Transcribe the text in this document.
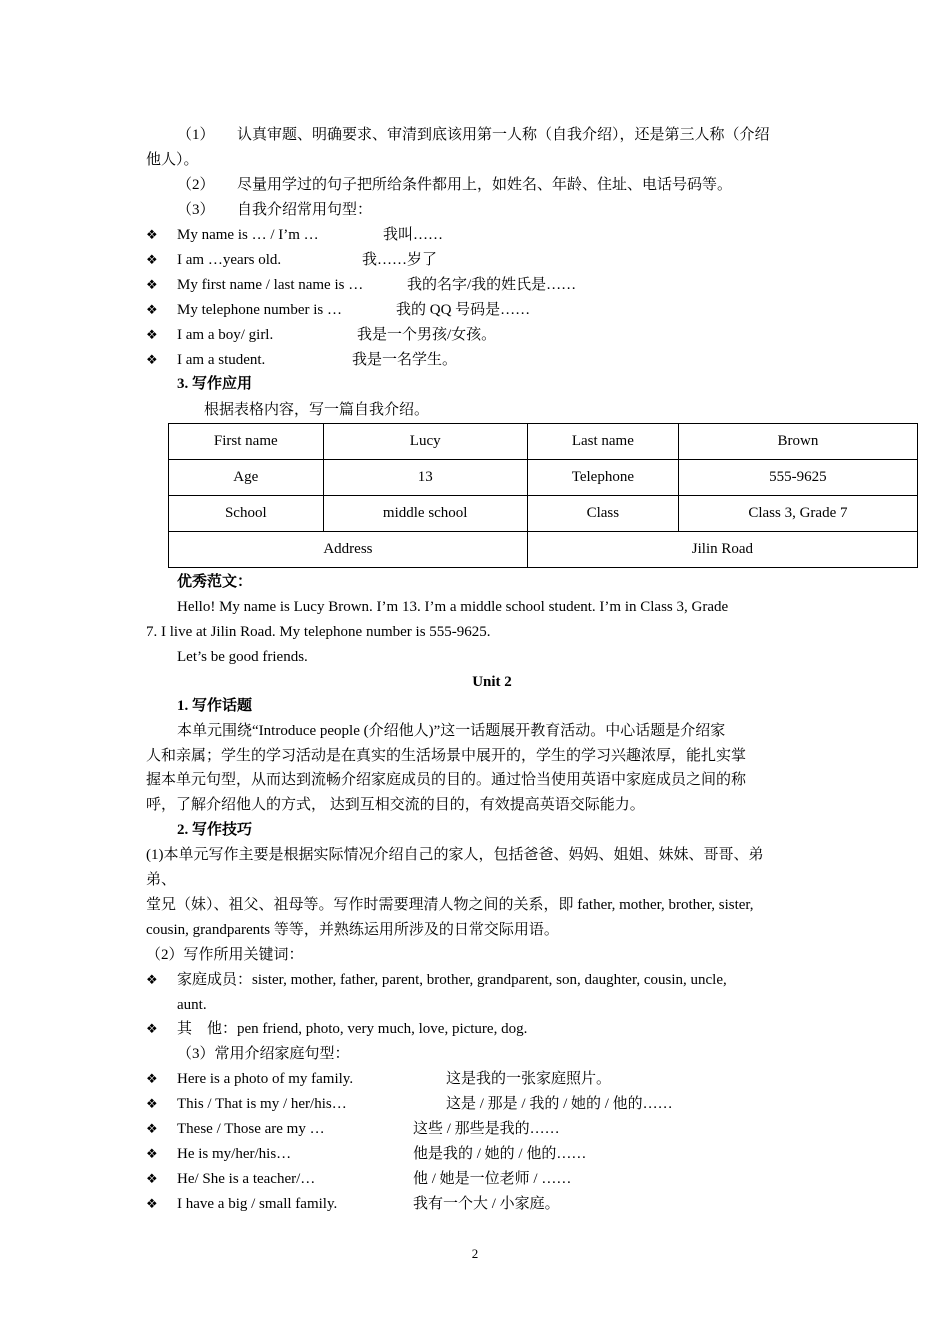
（1）　　认真审题、明确要求、审清到底该用第一人称（自我介绍），还是第三人称（介绍
他人）。
（2）　　尽量用学过的句子把所给条件都用上，如姓名、年龄、住址、电话号码等。
（3）　　自我介绍常用句型：
❖ My name is … / I’m …	我叫……
❖ I am …years old.	我……岁了
❖ My first name / last name is …	我的名字/我的姓氏是……
❖ My telephone number is …	我的 QQ 号码是……
❖ I am a boy/ girl.	我是一个男孩/女孩。
❖ I am a student.	我是一名学生。
3. 写作应用
根据表格内容，写一篇自我介绍。
First name	Lucy	Last name	Brown
Age	13	Telephone	555-9625
School	middle school	Class	Class 3, Grade 7
Address		Jilin Road	
优秀范文：
Hello! My name is Lucy Brown. I’m 13. I’m a middle school student. I’m in Class 3, Grade
7. I live at Jilin Road. My telephone number is 555-9625.
Let’s be good friends.
Unit 2
1. 写作话题
本单元围绕“Introduce people (介绍他人)”这一话题展开教育活动。中心话题是介绍家
人和亲属；学生的学习活动是在真实的生活场景中展开的，学生的学习兴趣浓厚，能扎实掌
握本单元句型，从而达到流畅介绍家庭成员的目的。通过恰当使用英语中家庭成员之间的称
呼，了解介绍他人的方式， 达到互相交流的目的，有效提高英语交际能力。
2. 写作技巧
(1)本单元写作主要是根据实际情况介绍自己的家人，包括爸爸、妈妈、姐姐、妹妹、哥哥、弟
弟、
堂兄（妹）、祖父、祖母等。写作时需要理清人物之间的关系，即 father, mother, brother, sister,
cousin, grandparents 等等，并熟练运用所涉及的日常交际用语。
（2）写作所用关键词：
❖ 家庭成员：sister, mother, father, parent, brother, grandparent, son, daughter, cousin, uncle,
aunt.
❖ 其　他：pen friend, photo, very much, love, picture, dog.
（3）常用介绍家庭句型：
❖ Here is a photo of my family.	这是我的一张家庭照片。
❖ This / That is my / her/his…	这是 / 那是 / 我的 / 她的 / 他的……
❖ These / Those are my …	这些 / 那些是我的……
❖ He is my/her/his…	他是我的 / 她的 / 他的……
❖ He/ She is a teacher/…	他 / 她是一位老师 / ……
❖ I have a big / small family.	我有一个大 / 小家庭。
2
